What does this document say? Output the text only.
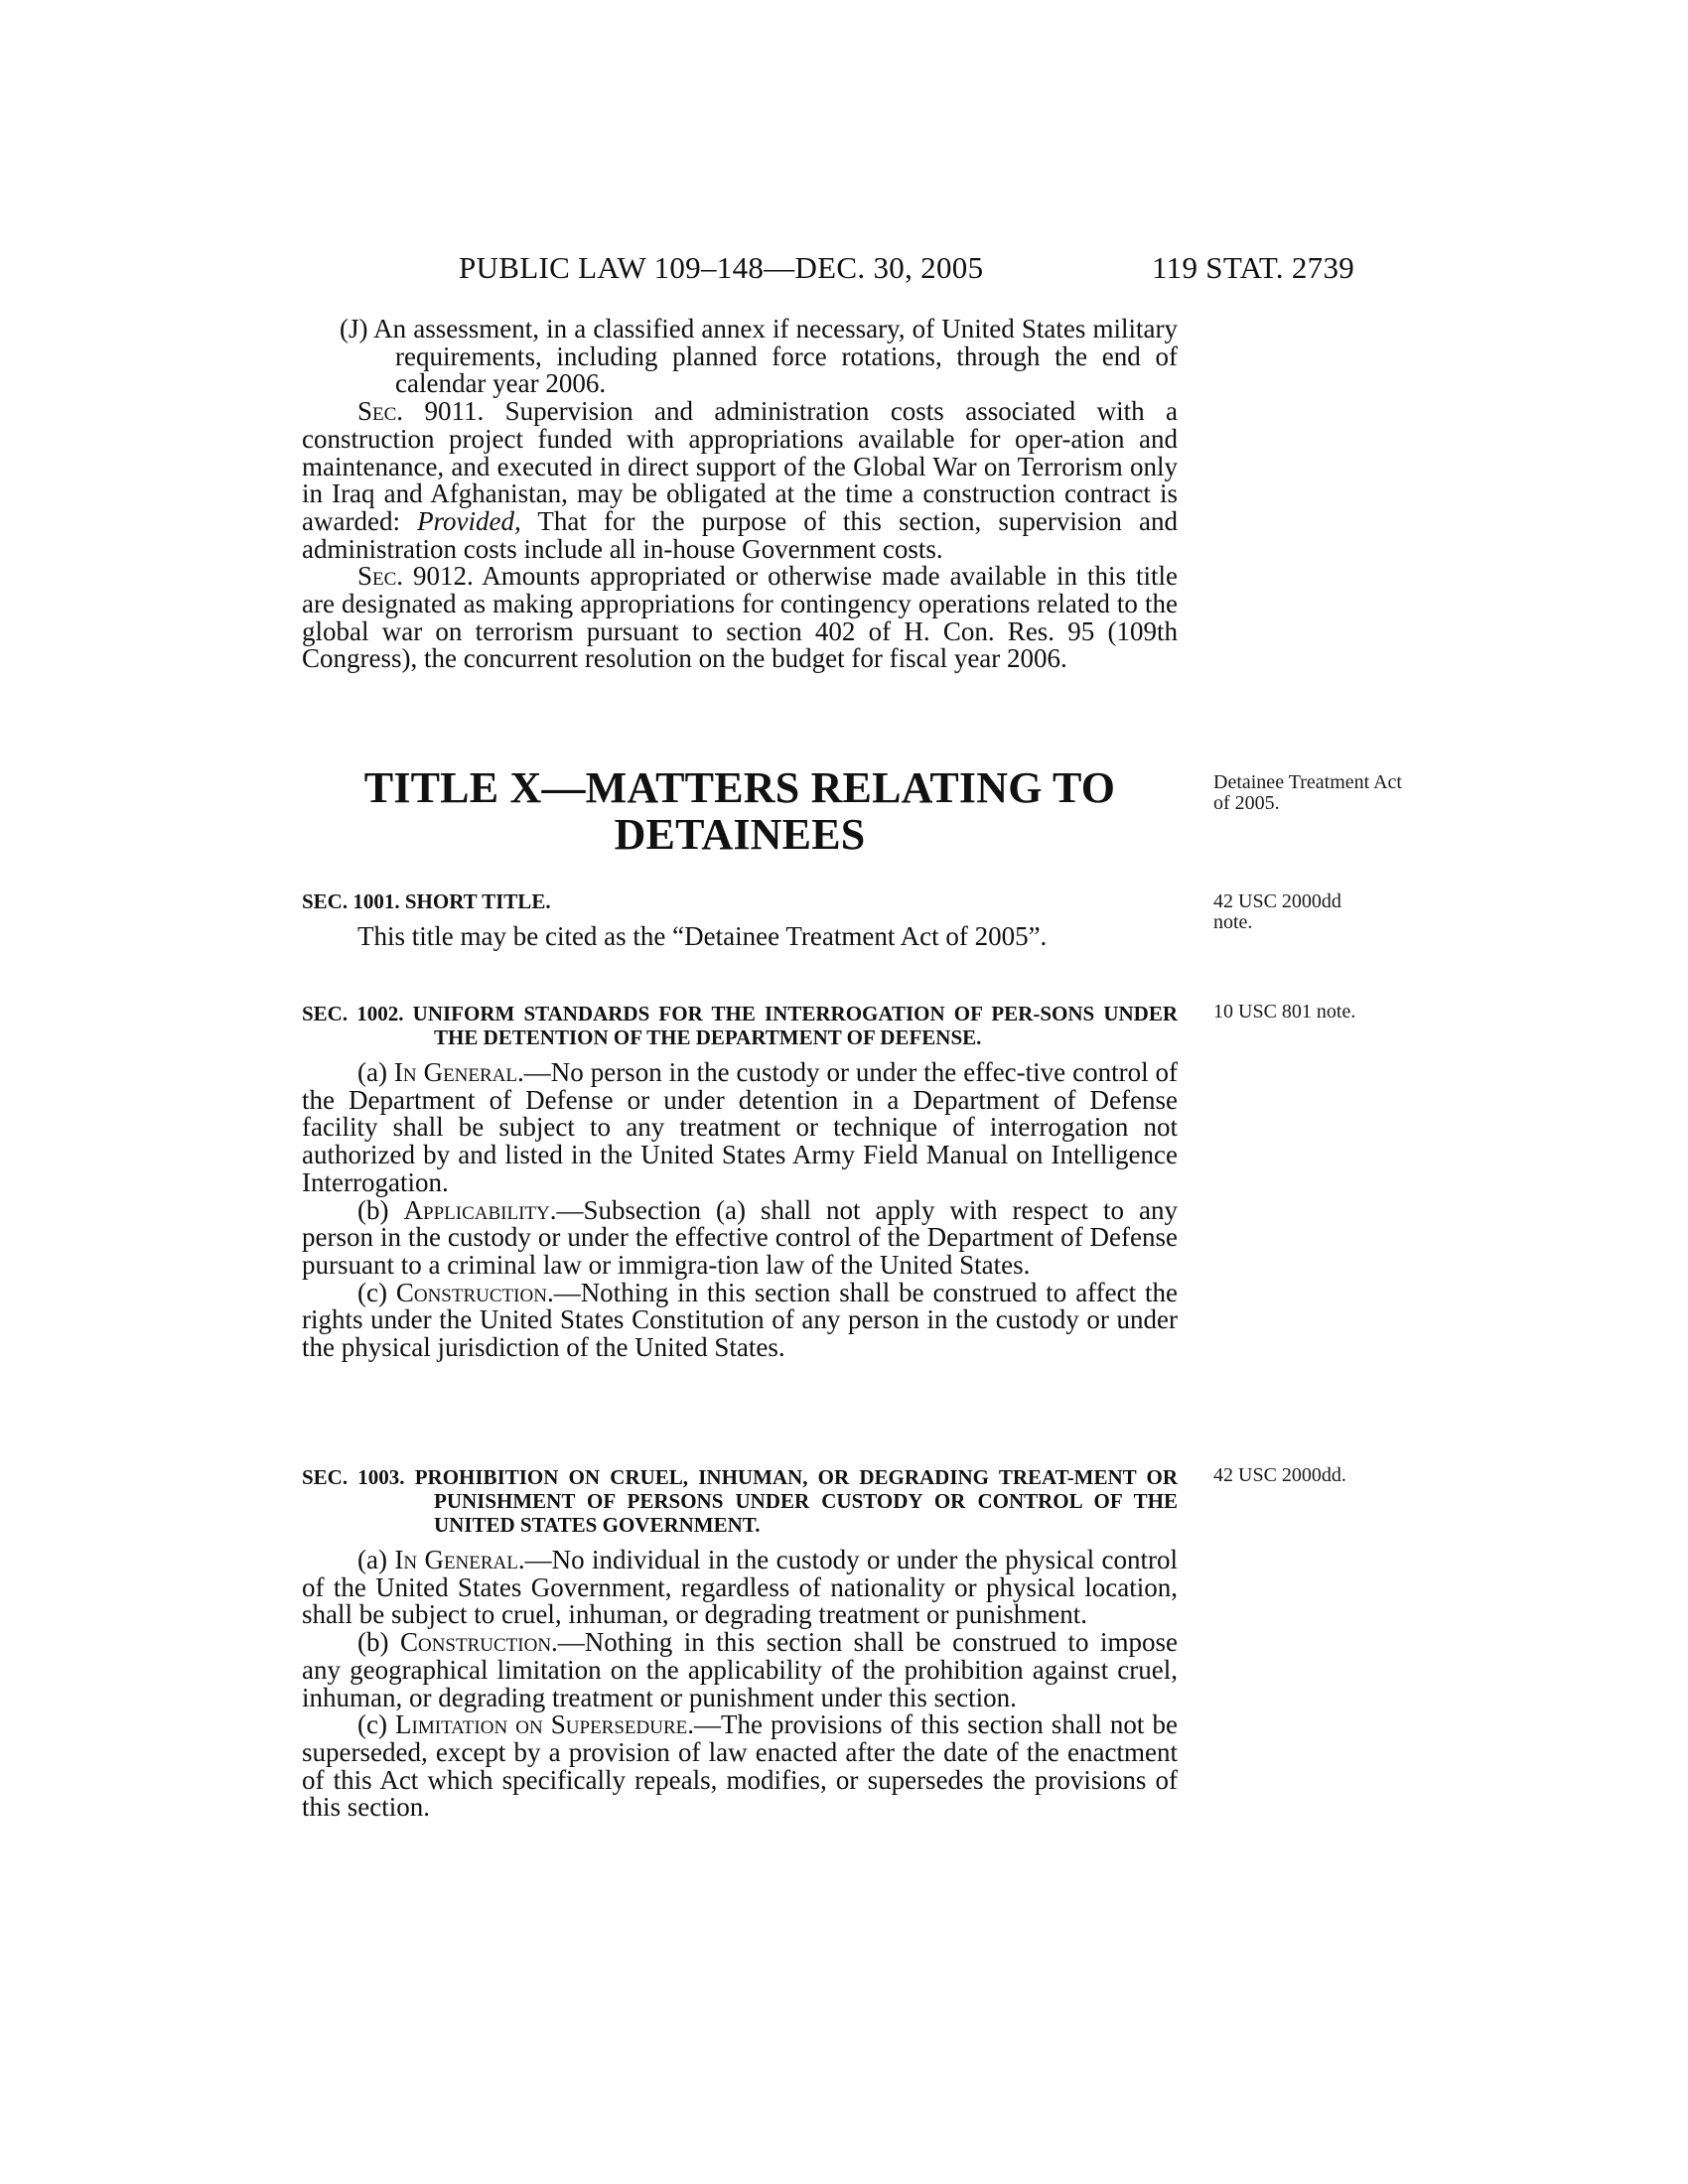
PUBLIC LAW 109–148—DEC. 30, 2005	119 STAT. 2739

(J) An assessment, in a classified annex if necessary, of United States military requirements, including planned force rotations, through the end of calendar year 2006.

Sec. 9011. Supervision and administration costs associated with a construction project funded with appropriations available for oper-ation and maintenance, and executed in direct support of the Global War on Terrorism only in Iraq and Afghanistan, may be obligated at the time a construction contract is awarded: Provided, That for the purpose of this section, supervision and administration costs include all in-house Government costs.

Sec. 9012. Amounts appropriated or otherwise made available in this title are designated as making appropriations for contingency operations related to the global war on terrorism pursuant to section 402 of H. Con. Res. 95 (109th Congress), the concurrent resolution on the budget for fiscal year 2006.

TITLE X—MATTERS RELATING TO
DETAINEES
Detainee Treatment Act of 2005.

SEC. 1001. SHORT TITLE.

This title may be cited as the “Detainee Treatment Act of 2005”.

42 USC 2000dd note.

SEC. 1002. UNIFORM STANDARDS FOR THE INTERROGATION OF PER-SONS UNDER THE DETENTION OF THE DEPARTMENT OF DEFENSE.

(a) In General.—No person in the custody or under the effec-tive control of the Department of Defense or under detention in a Department of Defense facility shall be subject to any treatment or technique of interrogation not authorized by and listed in the United States Army Field Manual on Intelligence Interrogation.

(b) Applicability.—Subsection (a) shall not apply with respect to any person in the custody or under the effective control of the Department of Defense pursuant to a criminal law or immigra-tion law of the United States.

(c) Construction.—Nothing in this section shall be construed to affect the rights under the United States Constitution of any person in the custody or under the physical jurisdiction of the United States.

10 USC 801 note.

SEC. 1003. PROHIBITION ON CRUEL, INHUMAN, OR DEGRADING TREAT-MENT OR PUNISHMENT OF PERSONS UNDER CUSTODY OR CONTROL OF THE UNITED STATES GOVERNMENT.

(a) In General.—No individual in the custody or under the physical control of the United States Government, regardless of nationality or physical location, shall be subject to cruel, inhuman, or degrading treatment or punishment.

(b) Construction.—Nothing in this section shall be construed to impose any geographical limitation on the applicability of the prohibition against cruel, inhuman, or degrading treatment or punishment under this section.

(c) Limitation on Supersedure.—The provisions of this section shall not be superseded, except by a provision of law enacted after the date of the enactment of this Act which specifically repeals, modifies, or supersedes the provisions of this section.

42 USC 2000dd.
